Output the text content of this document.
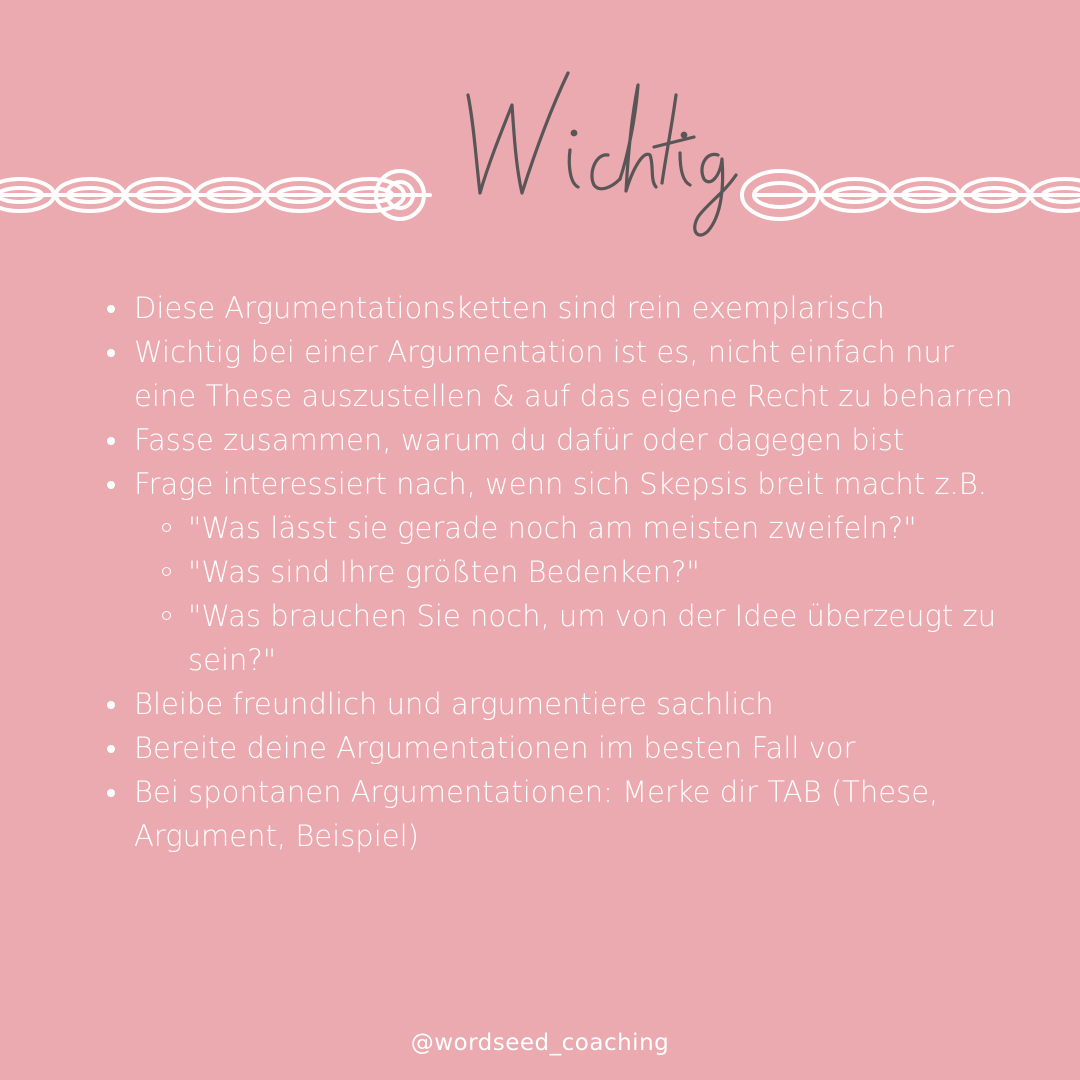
Diese Argumentationsketten sind rein exemplarisch
Wichtig bei einer Argumentation ist es, nicht einfach nur eine These auszustellen & auf das eigene Recht zu beharren
Fasse zusammen, warum du dafür oder dagegen bist
Frage interessiert nach, wenn sich Skepsis breit macht z.B.
"Was lässt sie gerade noch am meisten zweifeln?"
"Was sind Ihre größten Bedenken?"
"Was brauchen Sie noch, um von der Idee überzeugt zu sein?"
Bleibe freundlich und argumentiere sachlich
Bereite deine Argumentationen im besten Fall vor
Bei spontanen Argumentationen: Merke dir TAB (These, Argument, Beispiel)
@wordseed_coaching
